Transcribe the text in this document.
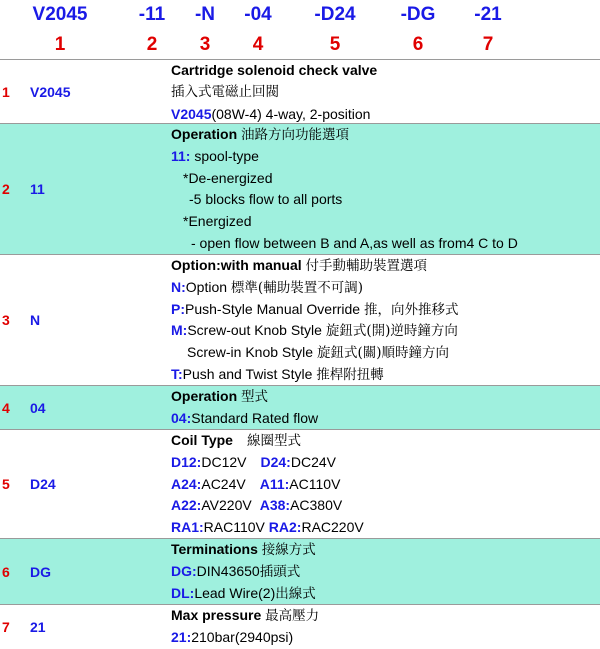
V2045	-11 -N -04 -D24 -DG -21
1	2 3 4	5	6	7
1 V2045
Cartridge solenoid check valve
插入式電磁止回閥
V2045(08W-4) 4-way, 2-position
2 11
Operation 油路方向功能選項
11: spool-type
*De-energized
-5 blocks flow to all ports
*Energized
- open flow between B and A,as well as from4 C to D
3 N
Option:with manual 付手動輔助裝置選項
N:Option 標準(輔助裝置不可調)
P:Push-Style Manual Override 推，向外推移式
M:Screw-out Knob Style 旋鈕式(開)逆時鐘方向
Screw-in Knob Style 旋鈕式(關)順時鐘方向
T:Push and Twist Style 推桿附扭轉
4 04
Operation 型式
04:Standard Rated flow
5 D24
Coil Type 線圈型式
D12:DC12V D24:DC24V
A24:AC24V A11:AC110V
A22:AV220V A38:AC380V
RA1:RAC110V RA2:RAC220V
6 DG
Terminations 接線方式
DG:DIN43650插頭式
DL:Lead Wire(2)出線式
7 21
Max pressure 最高壓力
21:210bar(2940psi)
